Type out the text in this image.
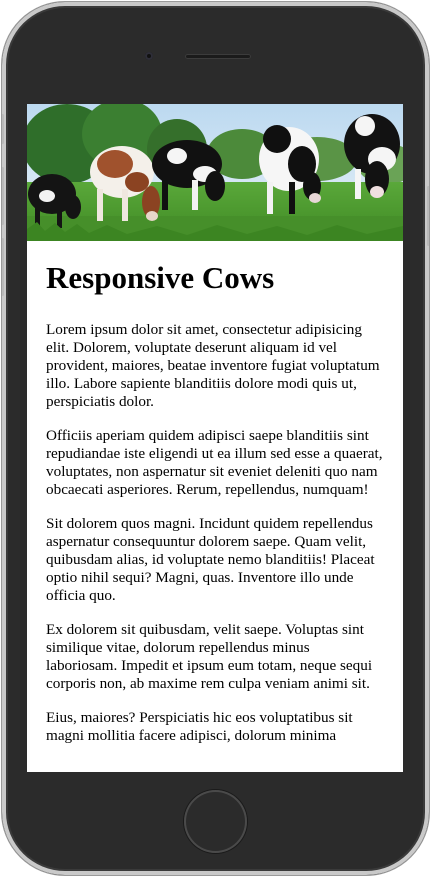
Responsive Cows

Lorem ipsum dolor sit amet, consectetur adipisicing elit. Dolorem, voluptate deserunt aliquam id vel provident, maiores, beatae inventore fugiat voluptatum illo. Labore sapiente blanditiis dolore modi quis ut, perspiciatis dolor.

Officiis aperiam quidem adipisci saepe blanditiis sint repudiandae iste eligendi ut ea illum sed esse a quaerat, voluptates, non aspernatur sit eveniet deleniti quo nam obcaecati asperiores. Rerum, repellendus, numquam!

Sit dolorem quos magni. Incidunt quidem repellendus aspernatur consequuntur dolorem saepe. Quam velit, quibusdam alias, id voluptate nemo blanditiis! Placeat optio nihil sequi? Magni, quas. Inventore illo unde officia quo.

Ex dolorem sit quibusdam, velit saepe. Voluptas sint similique vitae, dolorum repellendus minus laboriosam. Impedit et ipsum eum totam, neque sequi corporis non, ab maxime rem culpa veniam animi sit.

Eius, maiores? Perspiciatis hic eos voluptatibus sit magni mollitia facere adipisci, dolorum minima
